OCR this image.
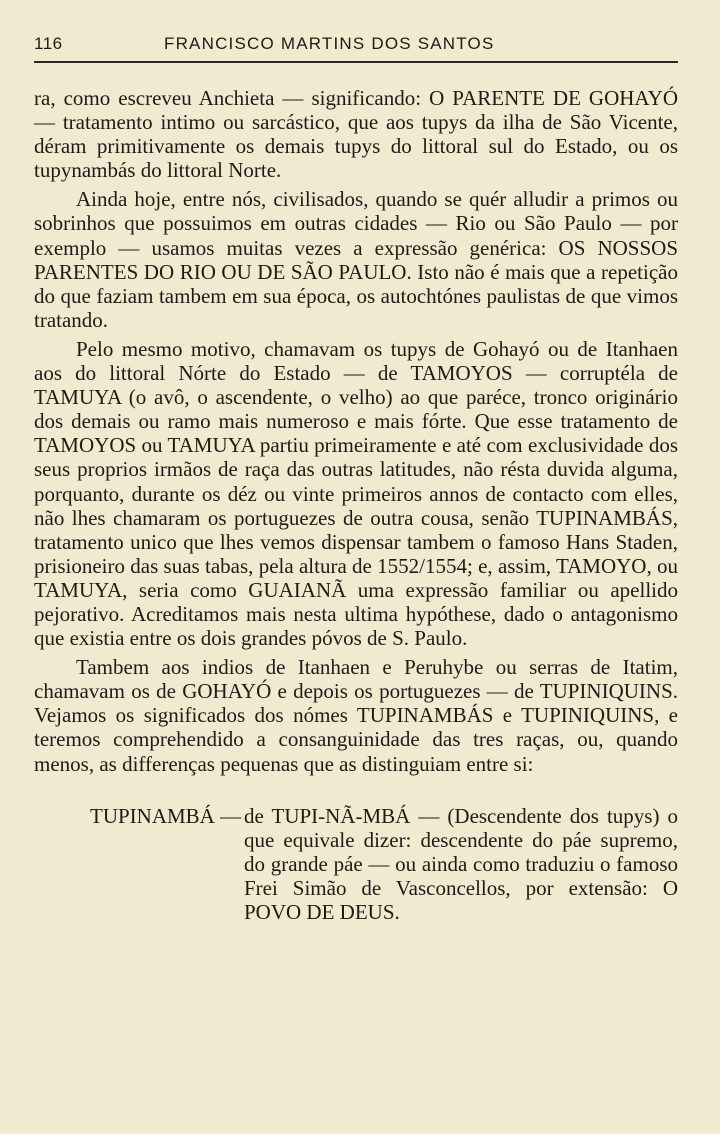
116	FRANCISCO MARTINS DOS SANTOS

ra, como escreveu Anchieta — significando: O PARENTE DE GOHAYÓ — tratamento intimo ou sarcástico, que aos tupys da ilha de São Vicente, déram primitivamente os demais tupys do littoral sul do Estado, ou os tupynambás do littoral Norte.

Ainda hoje, entre nós, civilisados, quando se quér alludir a primos ou sobrinhos que possuimos em outras cidades — Rio ou São Paulo — por exemplo — usamos muitas vezes a expressão genérica: OS NOSSOS PARENTES DO RIO OU DE SÃO PAULO. Isto não é mais que a repetição do que faziam tambem em sua época, os autochtónes paulistas de que vimos tratando.

Pelo mesmo motivo, chamavam os tupys de Gohayó ou de Itanhaen aos do littoral Nórte do Estado — de TAMOYOS — corruptéla de TAMUYA (o avô, o ascendente, o velho) ao que paréce, tronco originário dos demais ou ramo mais numeroso e mais fórte. Que esse tratamento de TAMOYOS ou TAMUYA partiu primeiramente e até com exclusividade dos seus proprios irmãos de raça das outras latitudes, não résta duvida alguma, porquanto, durante os déz ou vinte primeiros annos de contacto com elles, não lhes chamaram os portuguezes de outra cousa, senão TUPINAMBÁS, tratamento unico que lhes vemos dispensar tambem o famoso Hans Staden, prisioneiro das suas tabas, pela altura de 1552/1554; e, assim, TAMOYO, ou TAMUYA, seria como GUAIANÃ uma expressão familiar ou apellido pejorativo. Acreditamos mais nesta ultima hypóthese, dado o antagonismo que existia entre os dois grandes póvos de S. Paulo.

Tambem aos indios de Itanhaen e Peruhybe ou serras de Itatim, chamavam os de GOHAYÓ e depois os portuguezes — de TUPINIQUINS. Vejamos os significados dos nómes TUPINAMBÁS e TUPINIQUINS, e teremos comprehendido a consanguinidade das tres raças, ou, quando menos, as differenças pequenas que as distinguiam entre si:

TUPINAMBÁ — de TUPI-NÃ-MBÁ — (Descendente dos tupys) o que equivale dizer: descendente do páe supremo, do grande páe — ou ainda como traduziu o famoso Frei Simão de Vasconcellos, por extensão: O POVO DE DEUS.
